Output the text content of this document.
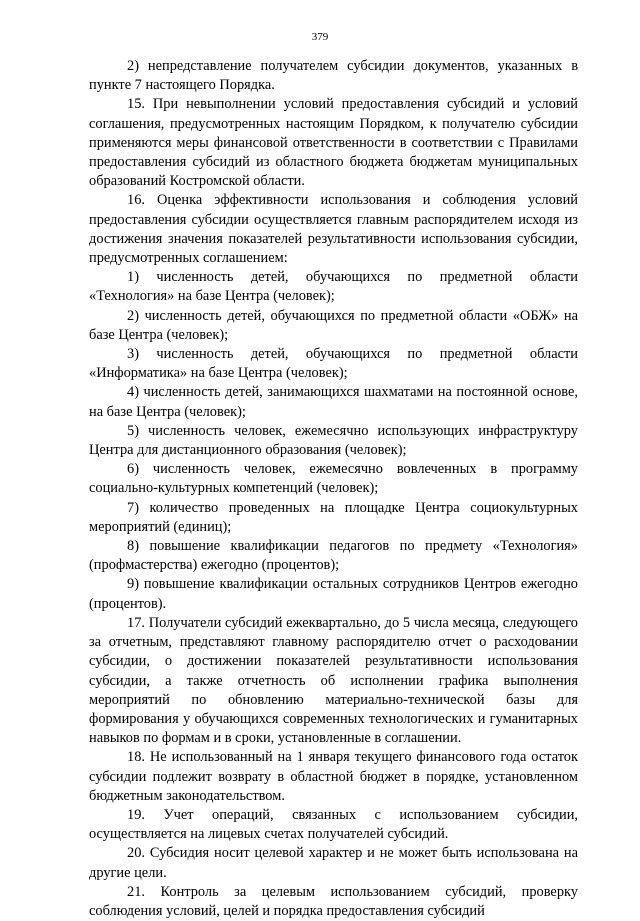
379

2) непредставление получателем субсидии документов, указанных в пункте 7 настоящего Порядка.

15. При невыполнении условий предоставления субсидий и условий соглашения, предусмотренных настоящим Порядком, к получателю субсидии применяются меры финансовой ответственности в соответствии с Правилами предоставления субсидий из областного бюджета бюджетам муниципальных образований Костромской области.

16. Оценка эффективности использования и соблюдения условий предоставления субсидии осуществляется главным распорядителем исходя из достижения значения показателей результативности использования субсидии, предусмотренных соглашением:

1) численность детей, обучающихся по предметной области «Технология» на базе Центра (человек);

2) численность детей, обучающихся по предметной области «ОБЖ» на базе Центра (человек);

3) численность детей, обучающихся по предметной области «Информатика» на базе Центра (человек);

4) численность детей, занимающихся шахматами на постоянной основе, на базе Центра (человек);

5) численность человек, ежемесячно использующих инфраструктуру Центра для дистанционного образования (человек);

6) численность человек, ежемесячно вовлеченных в программу социально-культурных компетенций (человек);

7) количество проведенных на площадке Центра социокультурных мероприятий (единиц);

8) повышение квалификации педагогов по предмету «Технология» (профмастерства) ежегодно (процентов);

9) повышение квалификации остальных сотрудников Центров ежегодно (процентов).

17. Получатели субсидий ежеквартально, до 5 числа месяца, следующего за отчетным, представляют главному распорядителю отчет о расходовании субсидии, о достижении показателей результативности использования субсидии, а также отчетность об исполнении графика выполнения мероприятий по обновлению материально-технической базы для формирования у обучающихся современных технологических и гуманитарных навыков по формам и в сроки, установленные в соглашении.

18. Не использованный на 1 января текущего финансового года остаток субсидии подлежит возврату в областной бюджет в порядке, установленном бюджетным законодательством.

19. Учет операций, связанных с использованием субсидии, осуществляется на лицевых счетах получателей субсидий.

20. Субсидия носит целевой характер и не может быть использована на другие цели.

21. Контроль за целевым использованием субсидий, проверку соблюдения условий, целей и порядка предоставления субсидий
